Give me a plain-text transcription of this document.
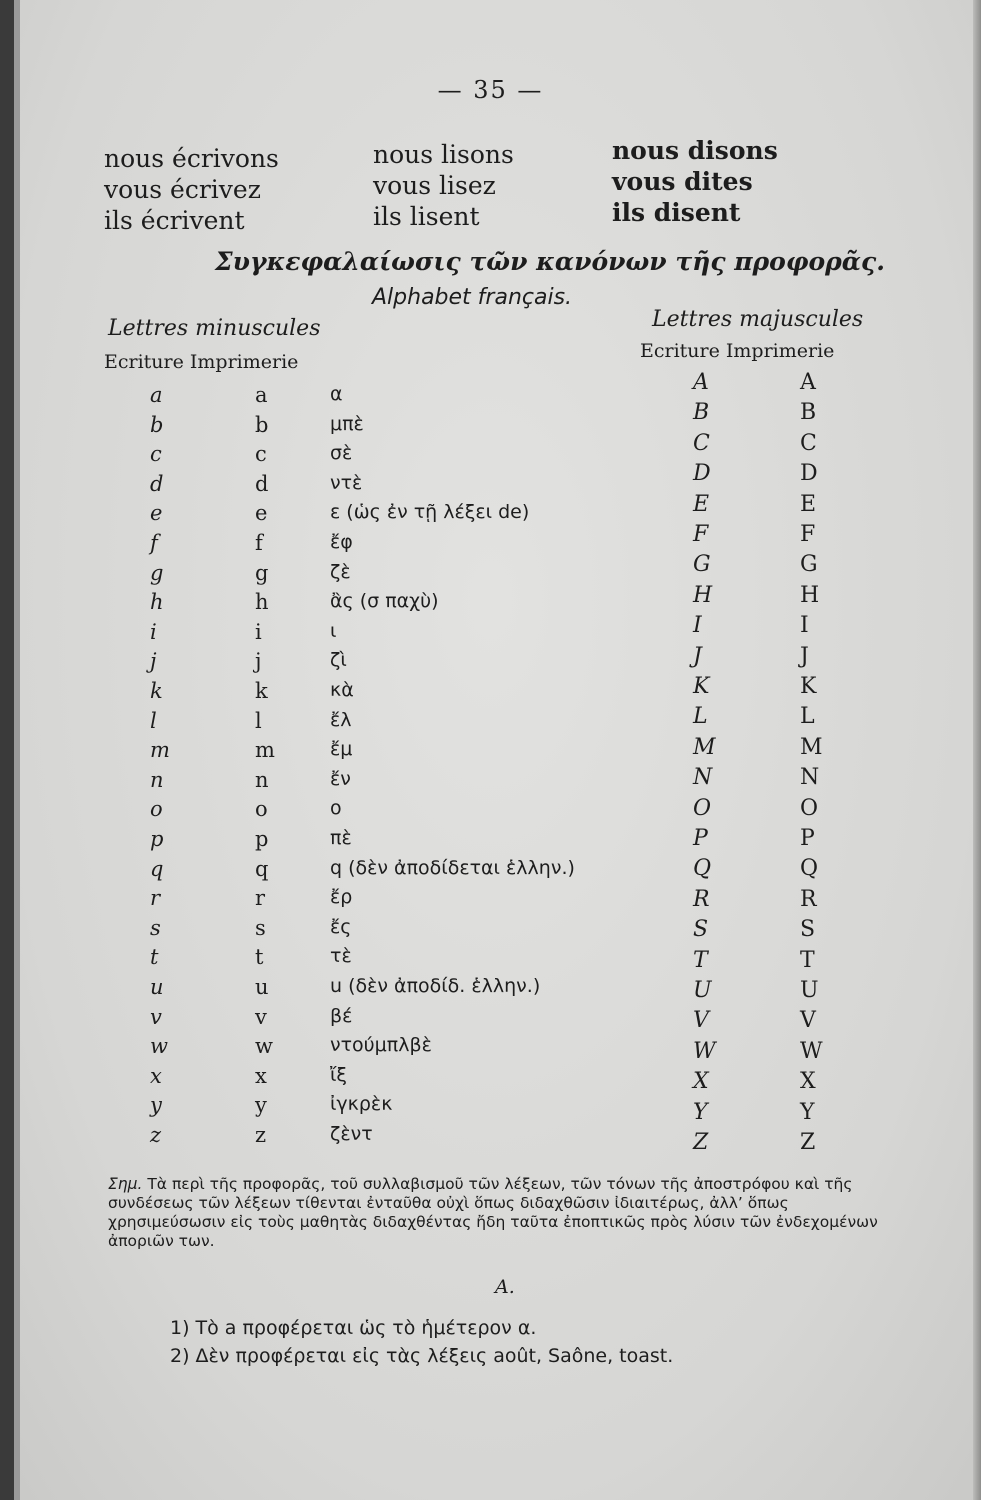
— 35 —
nous écrivons
vous écrivez
ils écrivent
nous lisons
vous lisez
ils lisent
nous disons
vous dites
ils disent
Συγκεφαλαίωσις τῶν κανόνων τῆς προφορᾶς.
Alphabet français.
Lettres minuscules	Lettres majuscules
Ecriture Imprimerie	Ecriture Imprimerie
a	a	α
b	b	μπὲ
c	c	σὲ
d	d	ντὲ
e	e	ε (ὡς ἐν τῇ λέξει de)
f	f	ἔφ
g	g	ζὲ
h	h	ἂς (σ παχὺ)
i	i	ι
j	j	ζὶ
k	k	κὰ
l	l	ἔλ
m	m	ἔμ
n	n	ἔν
o	o	ο
p	p	πὲ
q	q	q (δὲν ἀποδίδεται ἑλλην.)
r	r	ἔρ
s	s	ἔς
t	t	τὲ
u	u	u (δὲν ἀποδίδ. ἑλλην.)
v	v	βέ
w	w	ντούμπλβὲ
x	x	ἴξ
y	y	ἰγκρὲκ
z	z	ζὲντ
A	A
B	B
C	C
D	D
E	E
F	F
G	G
H	H
I	I
J	J
K	K
L	L
M	M
N	N
O	O
P	P
Q	Q
R	R
S	S
T	T
U	U
V	V
W	W
X	X
Y	Y
Z	Z
Σημ. Τὰ περὶ τῆς προφορᾶς, τοῦ συλλαβισμοῦ τῶν λέξεων, τῶν τόνων τῆς ἀποστρόφου καὶ τῆς συνδέσεως τῶν λέξεων τίθενται ἐνταῦθα οὐχὶ ὅπως διδαχθῶσιν ἰδιαιτέρως, ἀλλ’ ὅπως χρησιμεύσωσιν εἰς τοὺς μαθητὰς διδαχθέντας ἤδη ταῦτα ἐποπτικῶς πρὸς λύσιν τῶν ἐνδεχομένων ἀποριῶν των.
A.
1) Τὸ a προφέρεται ὡς τὸ ἡμέτερον α.
2) Δὲν προφέρεται εἰς τὰς λέξεις août, Saône, toast.
